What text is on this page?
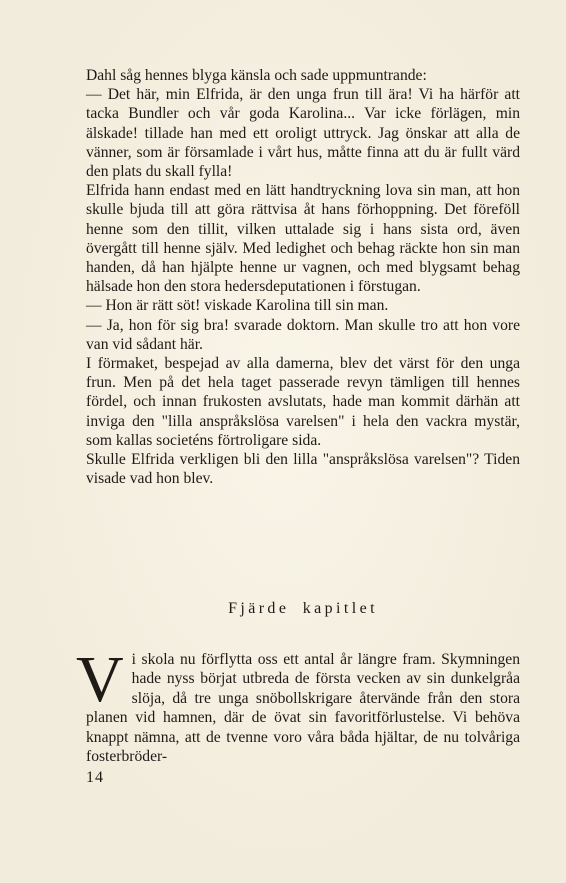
Dahl såg hennes blyga känsla och sade uppmuntrande:

— Det här, min Elfrida, är den unga frun till ära! Vi ha härför att tacka Bundler och vår goda Karolina... Var icke förlägen, min älskade! tillade han med ett oroligt uttryck. Jag önskar att alla de vänner, som är församlade i vårt hus, måtte finna att du är fullt värd den plats du skall fylla!

Elfrida hann endast med en lätt handtryckning lova sin man, att hon skulle bjuda till att göra rättvisa åt hans förhoppning. Det föreföll henne som den tillit, vilken uttalade sig i hans sista ord, även övergått till henne själv. Med ledighet och behag räckte hon sin man handen, då han hjälpte henne ur vagnen, och med blygsamt behag hälsade hon den stora hedersdeputationen i förstugan.

— Hon är rätt söt! viskade Karolina till sin man.

— Ja, hon för sig bra! svarade doktorn. Man skulle tro att hon vore van vid sådant här.

I förmaket, bespejad av alla damerna, blev det värst för den unga frun. Men på det hela taget passerade revyn tämligen till hennes fördel, och innan frukosten avslutats, hade man kommit därhän att inviga den "lilla anspråkslösa varelsen" i hela den vackra mystär, som kallas societéns förtroligare sida.

Skulle Elfrida verkligen bli den lilla "anspråkslösa varelsen"? Tiden visade vad hon blev.

Fjärde kapitlet
V i skola nu förflytta oss ett antal år längre fram. Skymningen hade nyss börjat utbreda de första vecken av sin dunkelgråa slöja, då tre unga snöbollskrigare återvände från den stora planen vid hamnen, där de övat sin favoritförlustelse. Vi behöva knappt nämna, att de tvenne voro våra båda hjältar, de nu tolvåriga fosterbröder-

14
